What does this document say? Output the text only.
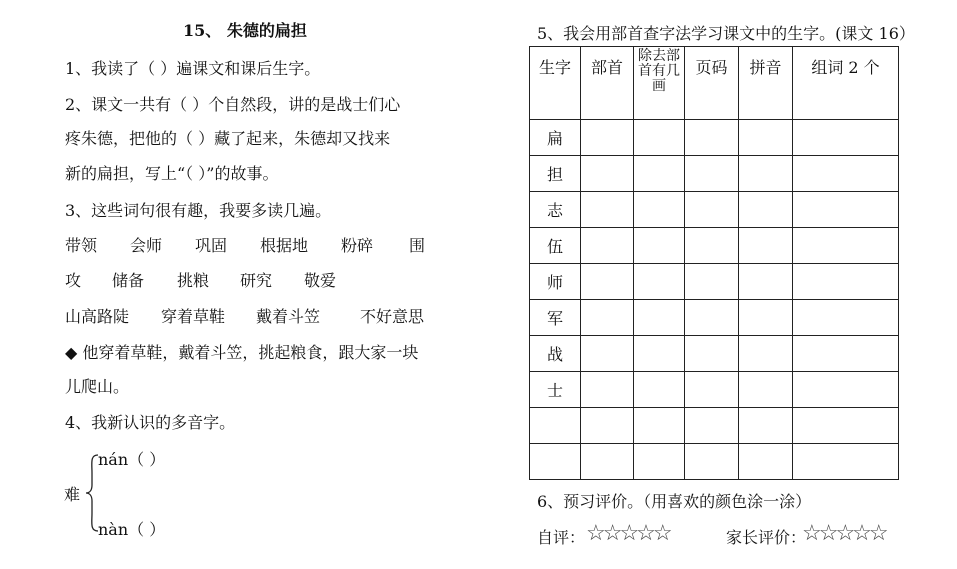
15、 朱德的扁担
1、我读了（ ）遍课文和课后生字。
2、课文一共有（ ）个自然段，讲的是战士们心
疼朱德，把他的（ ）藏了起来，朱德却又找来
新的扁担，写上“（ ）”的故事。
3、这些词句很有趣，我要多读几遍。
带领 会师 巩固 根据地 粉碎 围
攻 储备 挑粮 研究 敬爱
山高路陡 穿着草鞋 戴着斗笠 不好意思
◆ 他穿着草鞋，戴着斗笠，挑起粮食，跟大家一块
儿爬山。
4、我新认识的多音字。
难
nán（ ）
nàn（ ）
5、我会用部首查字法学习课文中的生字。(课文 16）
生字	部首	除去部首有几画	页码	拼音	组词 2 个
扁					
担					
志					
伍					
师					
军					
战					
士					

6、预习评价。（用喜欢的颜色涂一涂）
自评： ☆☆☆☆☆	家长评价：
☆☆☆☆☆
